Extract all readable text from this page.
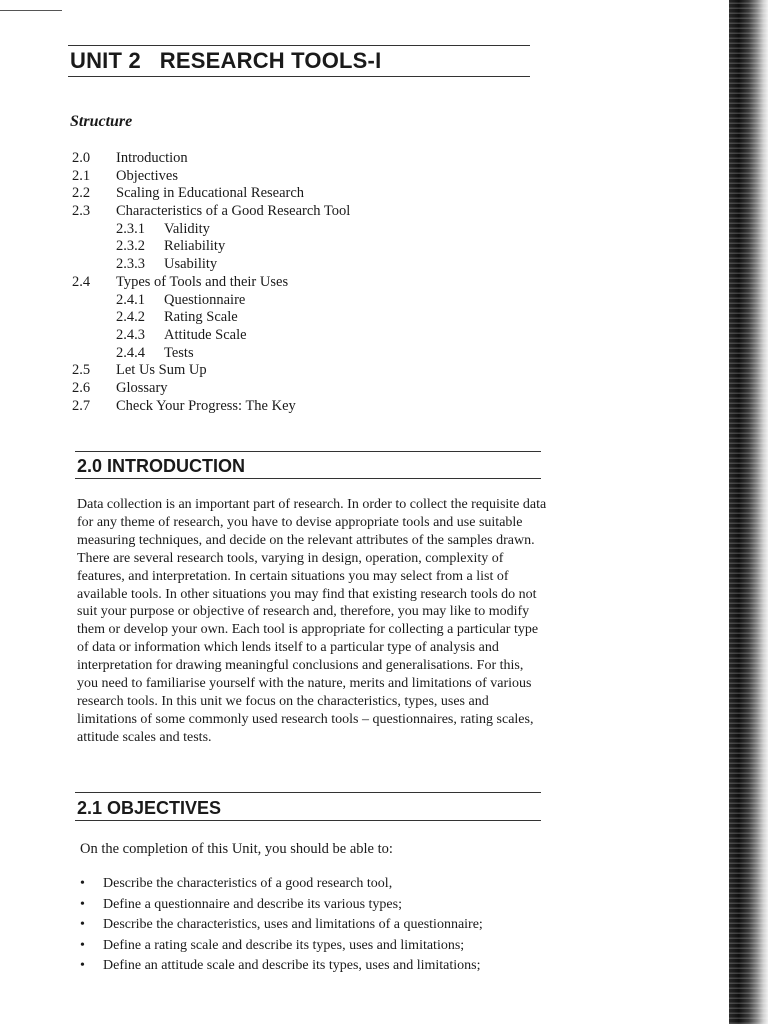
UNIT 2   RESEARCH TOOLS-I
Structure
2.0 Introduction
2.1 Objectives
2.2 Scaling in Educational Research
2.3 Characteristics of a Good Research Tool
2.3.1 Validity
2.3.2 Reliability
2.3.3 Usability
2.4 Types of Tools and their Uses
2.4.1 Questionnaire
2.4.2 Rating Scale
2.4.3 Attitude Scale
2.4.4 Tests
2.5 Let Us Sum Up
2.6 Glossary
2.7 Check Your Progress: The Key
2.0 INTRODUCTION

Data collection is an important part of research. In order to collect the requisite data for any theme of research, you have to devise appropriate tools and use suitable measuring techniques, and decide on the relevant attributes of the samples drawn. There are several research tools, varying in design, operation, complexity of features, and interpretation. In certain situations you may select from a list of available tools. In other situations you may find that existing research tools do not suit your purpose or objective of research and, therefore, you may like to modify them or develop your own. Each tool is appropriate for collecting a particular type of data or information which lends itself to a particular type of analysis and interpretation for drawing meaningful conclusions and generalisations. For this, you need to familiarise yourself with the nature, merits and limitations of various research tools. In this unit we focus on the characteristics, types, uses and limitations of some commonly used research tools – questionnaires, rating scales, attitude scales and tests.

2.1 OBJECTIVES

On the completion of this Unit, you should be able to:

• Describe the characteristics of a good research tool,
• Define a questionnaire and describe its various types;
• Describe the characteristics, uses and limitations of a questionnaire;
• Define a rating scale and describe its types, uses and limitations;
• Define an attitude scale and describe its types, uses and limitations;
